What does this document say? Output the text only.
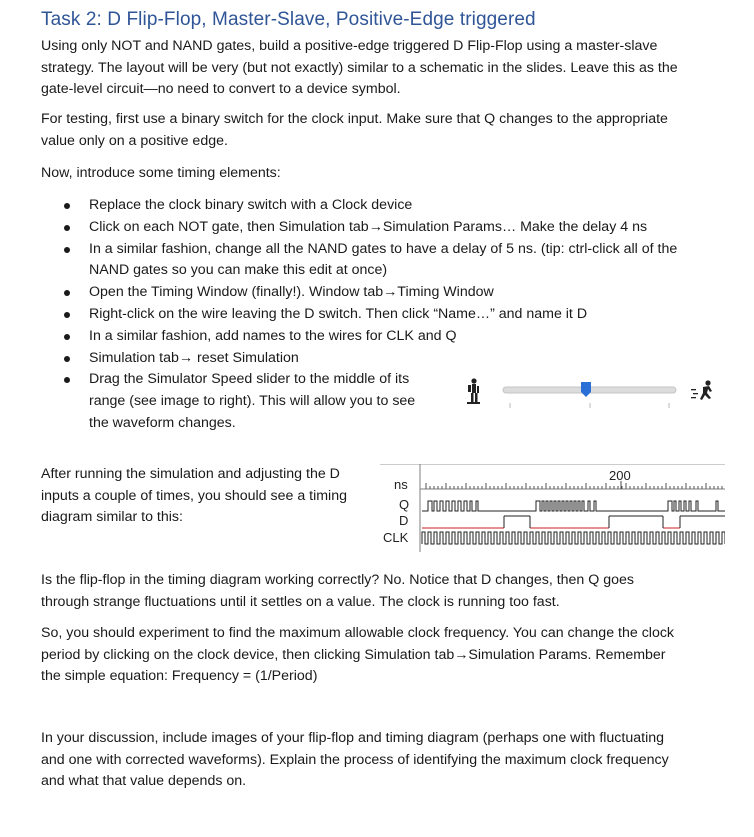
Task 2: D Flip-Flop, Master-Slave, Positive-Edge triggered

Using only NOT and NAND gates, build a positive-edge triggered D Flip-Flop using a master-slave strategy. The layout will be very (but not exactly) similar to a schematic in the slides. Leave this as the gate-level circuit—no need to convert to a device symbol.

For testing, first use a binary switch for the clock input. Make sure that Q changes to the appropriate value only on a positive edge.

Now, introduce some timing elements:

Replace the clock binary switch with a Clock device
Click on each NOT gate, then Simulation tab→Simulation Params… Make the delay 4 ns
In a similar fashion, change all the NAND gates to have a delay of 5 ns. (tip: ctrl-click all of the NAND gates so you can make this edit at once)
Open the Timing Window (finally!). Window tab→Timing Window
Right-click on the wire leaving the D switch. Then click “Name…” and name it D
In a similar fashion, add names to the wires for CLK and Q
Simulation tab→ reset Simulation
Drag the Simulator Speed slider to the middle of its range (see image to right). This will allow you to see the waveform changes.

After running the simulation and adjusting the D inputs a couple of times, you should see a timing diagram similar to this:

ns
200
Q
D
CLK

Is the flip-flop in the timing diagram working correctly? No. Notice that D changes, then Q goes through strange fluctuations until it settles on a value. The clock is running too fast.

So, you should experiment to find the maximum allowable clock frequency. You can change the clock period by clicking on the clock device, then clicking Simulation tab→Simulation Params. Remember the simple equation: Frequency = (1/Period)

In your discussion, include images of your flip-flop and timing diagram (perhaps one with fluctuating and one with corrected waveforms). Explain the process of identifying the maximum clock frequency and what that value depends on.
